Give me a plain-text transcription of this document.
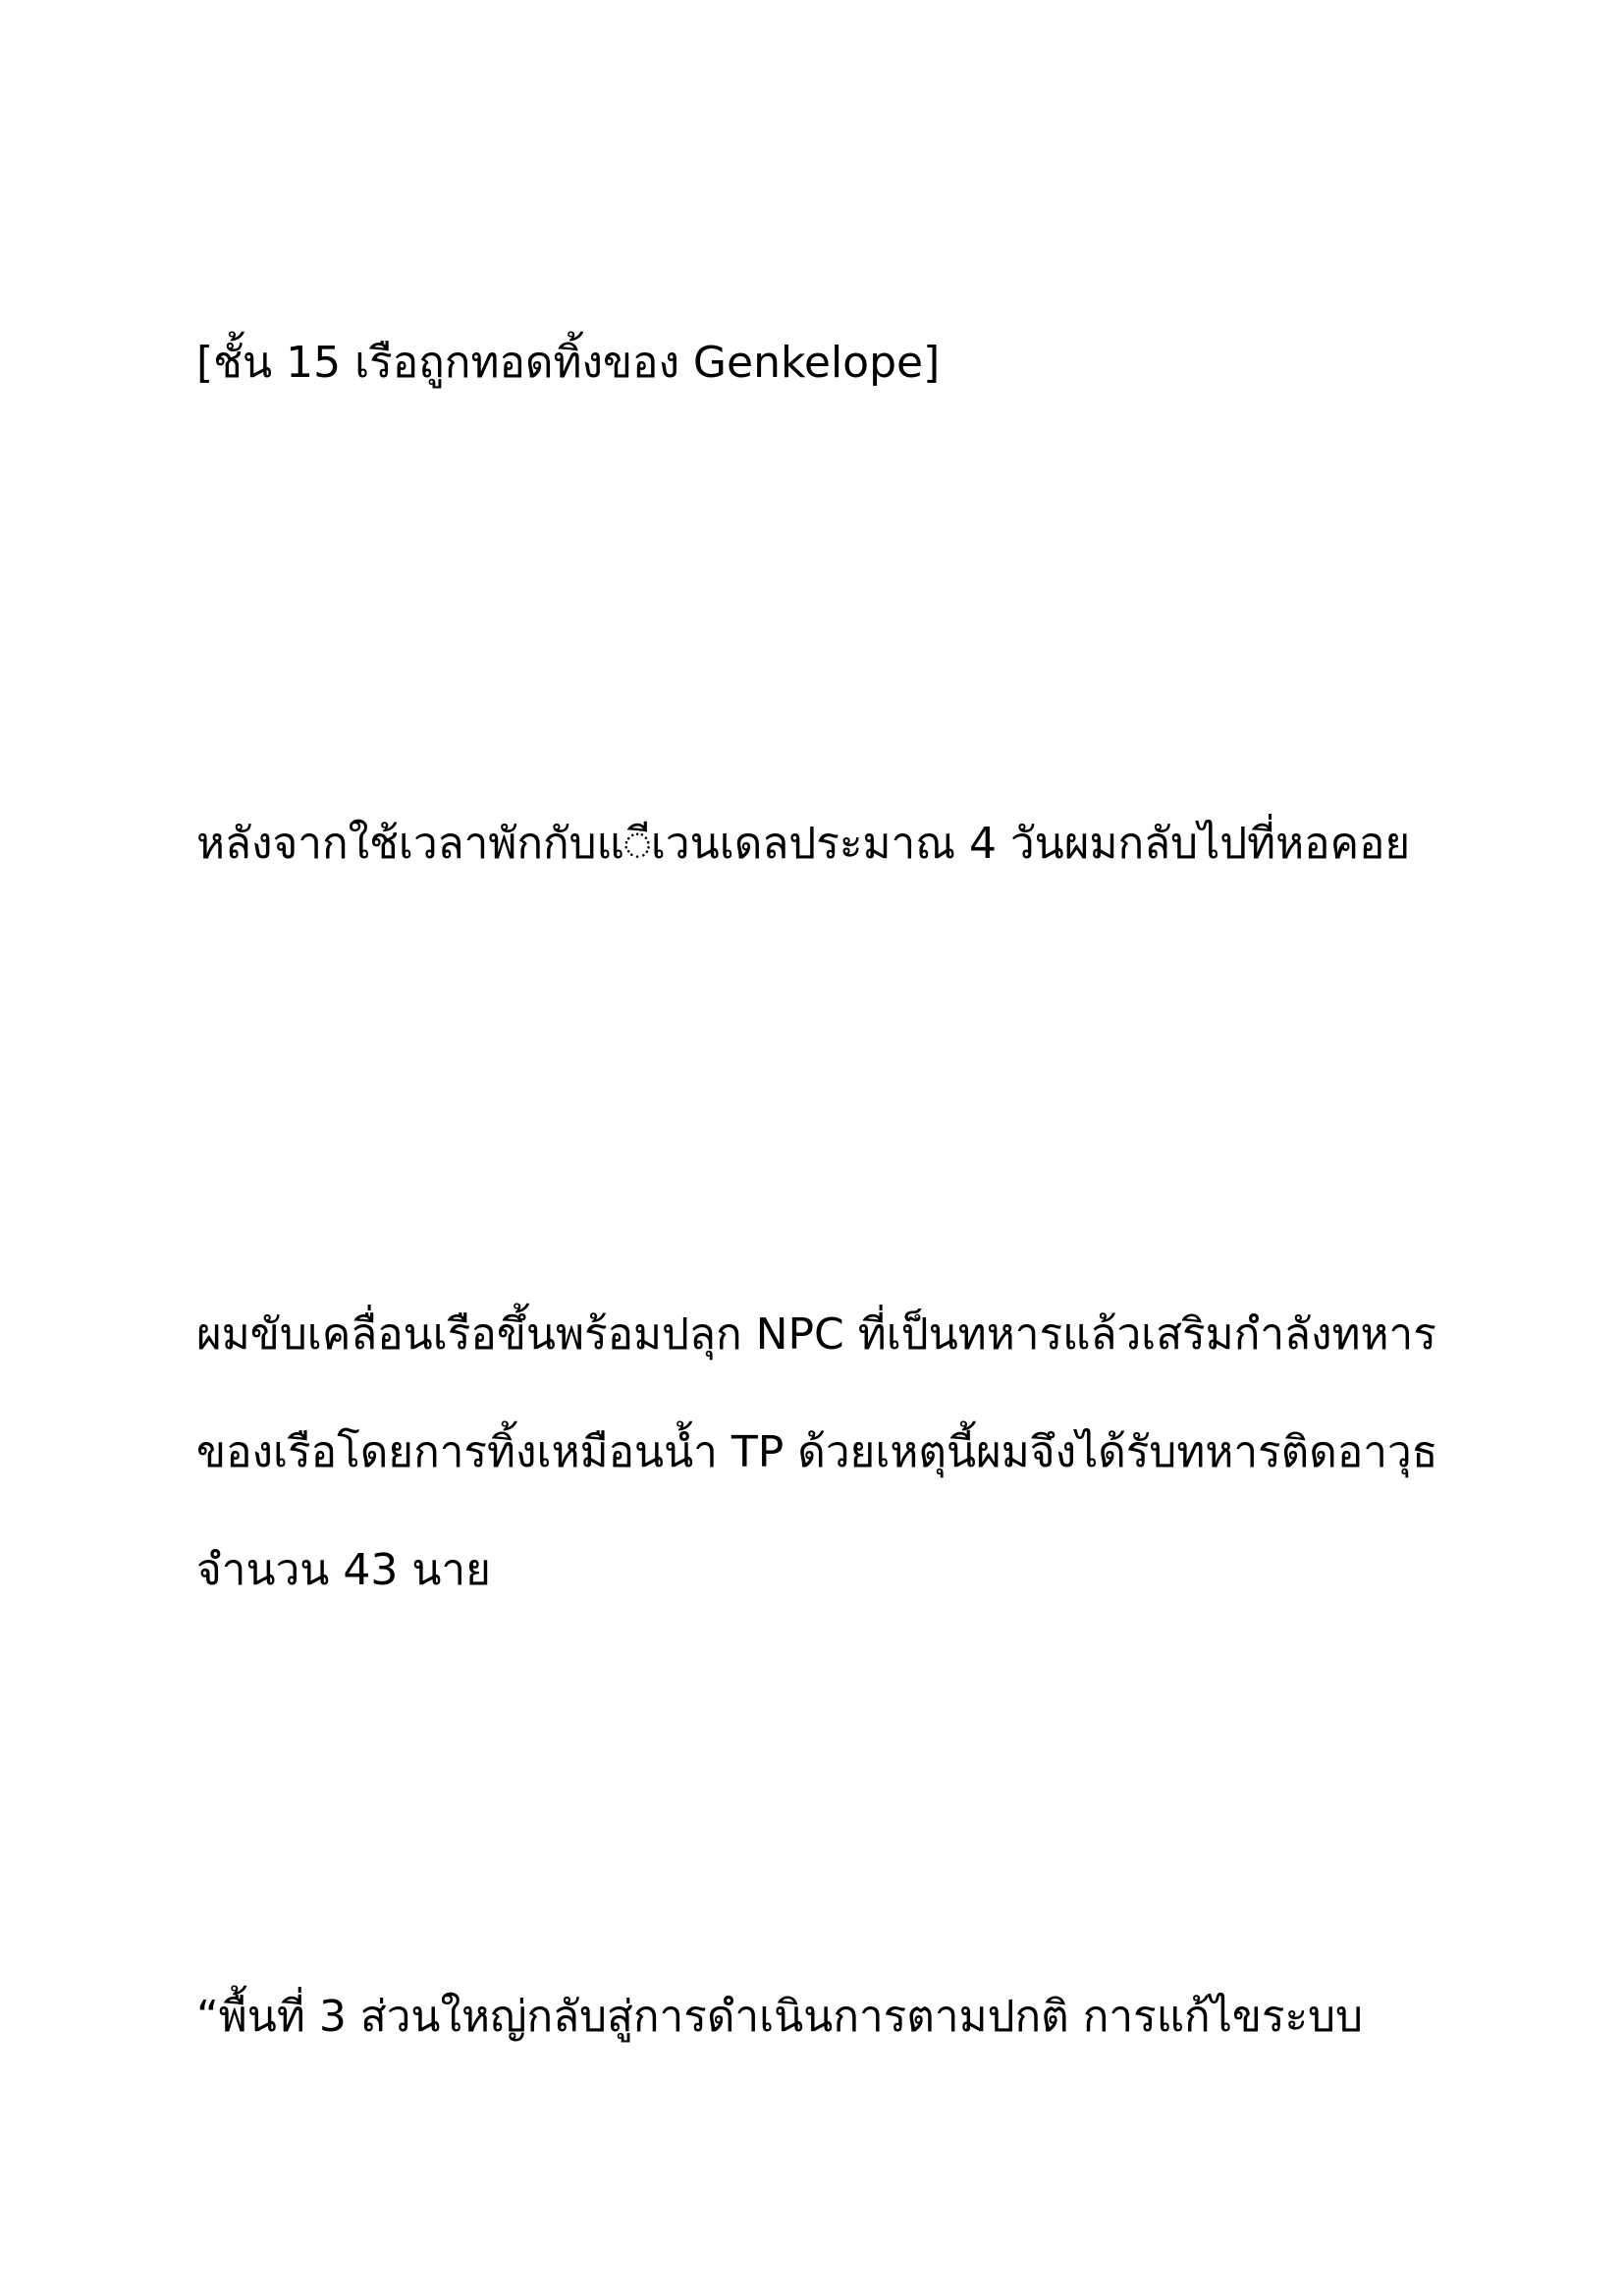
[ชั้น 15 เรือถูกทอดทิ้งของ Genkelope]

หลังจากใช้เวลาพักกับแ◌ีเวนเดลประมาณ 4 วันผมกลับไปที่หอคอย

ผมขับเคลื่อนเรือขึ้นพร้อมปลุก NPC ที่เป็นทหารแล้วเสริมกำลังทหาร
ของเรือโดยการทิ้งเหมือนน้ำ TP ด้วยเหตุนี้ผมจึงได้รับทหารติดอาวุธ
จำนวน 43 นาย

“พื้นที่ 3 ส่วนใหญ่กลับสู่การดำเนินการตามปกติ การแก้ไขระบบ
